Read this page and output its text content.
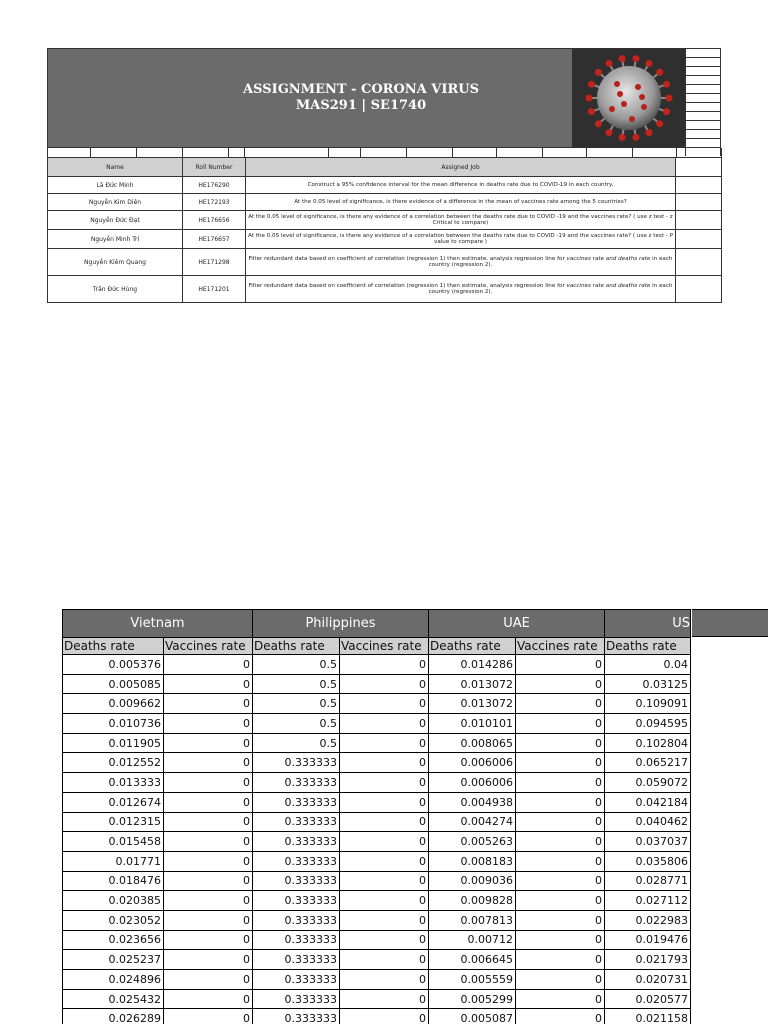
ASSIGNMENT - CORONA VIRUS
MAS291 | SE1740
Name	Roll Number	Assigned Job	
Lã Đức Minh	HE176290	Construct a 95% confidence interval for the mean difference in deaths rate due to COVID-19 in each country.	
Nguyễn Kim Diên	HE172193	At the 0.05 level of significance, is there evidence of a difference in the mean of vaccines rate among the 5 countries?	
Nguyễn Đức Đạt	HE176656	At the 0.05 level of significance, is there any evidence of a correlation between the deaths rate due to COVID -19 and the vaccines rate? ( use z test - z Critical to compare)	
Nguyễn Minh Trí	HE176657	At the 0.05 level of significance, is there any evidence of a correlation between the deaths rate due to COVID -19 and the vaccines rate? ( use z test - P value to compare )	
Nguyễn Kiêm Quang	HE171298	Filter redundant data based on coefficient of correlation (regression 1) then estimate, analysis regression line for vaccines rate and deaths rate in each country (regression 2).	
Trần Đức Hùng	HE171201	Filter redundant data based on coefficient of correlation (regression 1) then estimate, analysis regression line for vaccines rate and deaths rate in each country (regression 2).	
Vietnam		Philippines		UAE		US
Deaths rate	Vaccines rate	Deaths rate	Vaccines rate	Deaths rate	Vaccines rate	Deaths rate
0.005376	0	0.5	0	0.014286	0	0.04
0.005085	0	0.5	0	0.013072	0	0.03125
0.009662	0	0.5	0	0.013072	0	0.109091
0.010736	0	0.5	0	0.010101	0	0.094595
0.011905	0	0.5	0	0.008065	0	0.102804
0.012552	0	0.333333	0	0.006006	0	0.065217
0.013333	0	0.333333	0	0.006006	0	0.059072
0.012674	0	0.333333	0	0.004938	0	0.042184
0.012315	0	0.333333	0	0.004274	0	0.040462
0.015458	0	0.333333	0	0.005263	0	0.037037
0.01771	0	0.333333	0	0.008183	0	0.035806
0.018476	0	0.333333	0	0.009036	0	0.028771
0.020385	0	0.333333	0	0.009828	0	0.027112
0.023052	0	0.333333	0	0.007813	0	0.022983
0.023656	0	0.333333	0	0.00712	0	0.019476
0.025237	0	0.333333	0	0.006645	0	0.021793
0.024896	0	0.333333	0	0.005559	0	0.020731
0.025432	0	0.333333	0	0.005299	0	0.020577
0.026289	0	0.333333	0	0.005087	0	0.021158
